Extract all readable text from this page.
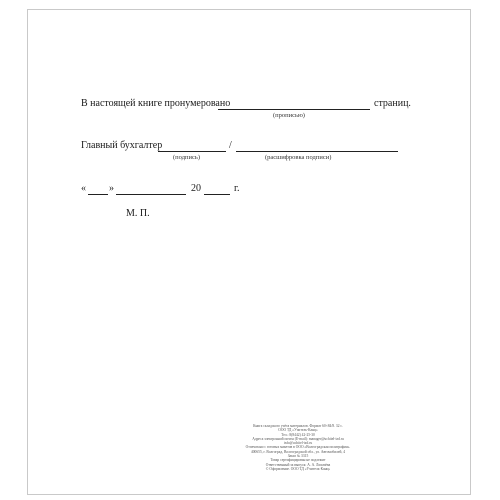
В настоящей книге пронумеровано	страниц.
(прописью)
Главный бухгалтер	/
(подпись)	(расшифровка подписи)
« »	20	г.
М. П.
Книга складского учёта материалов. Формат 60×84/8. 32 с.
ООО ТД «Учитель-Канц»
Тел.: 8(8442) 42-25-30
Адреса электронной почты (E-mail): manager@uchitel-izd.ru
info@uchitel-izd.ru
Отпечатано с готовых макетов в ООО «Волгоградская полиграфия».
400655, г. Волгоград, Волгоградской обл., ул. Автомобилей, 4
Заказ № 3315
Товар сертифицирован не подлежит
Ответственный за выпуск: А. А. Лихачёва
© Оформление. ООО ТД «Учитель-Канц»
